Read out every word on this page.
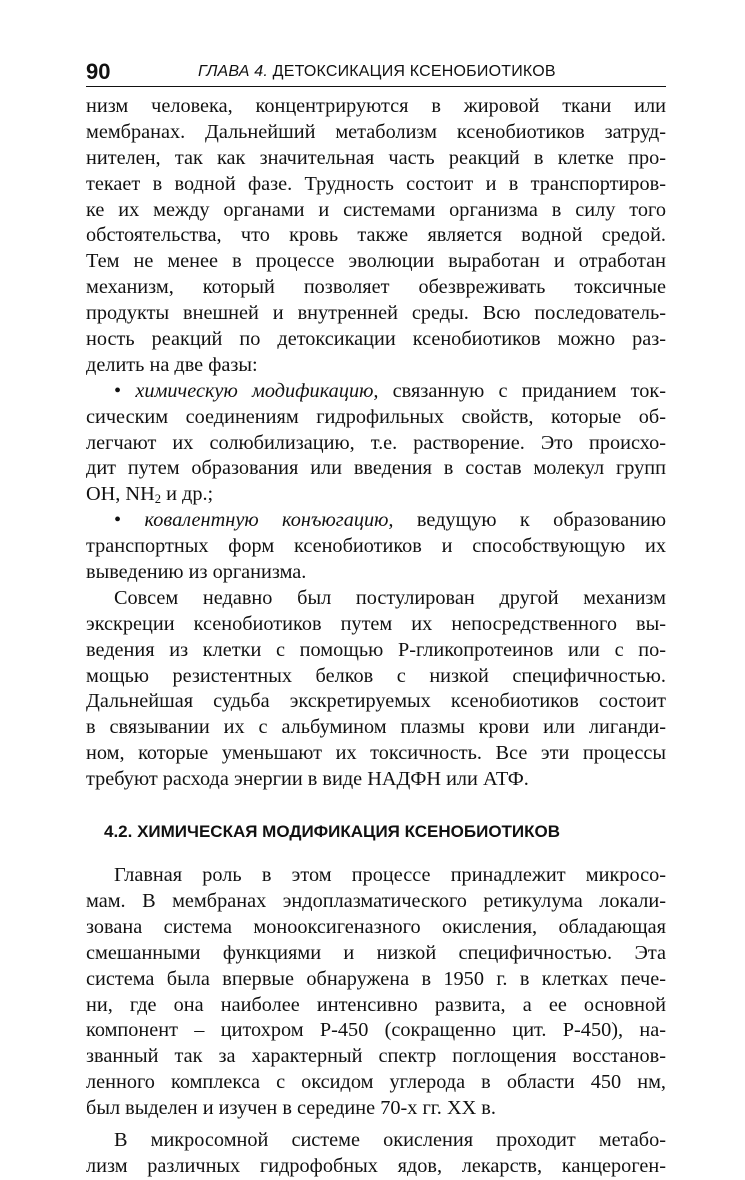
90	ГЛАВА 4. ДЕТОКСИКАЦИЯ КСЕНОБИОТИКОВ
низм человека, концентрируются в жировой ткани или
мембранах. Дальнейший метаболизм ксенобиотиков затруд-
нителен, так как значительная часть реакций в клетке про-
текает в водной фазе. Трудность состоит и в транспортиров-
ке их между органами и системами организма в силу того
обстоятельства, что кровь также является водной средой.
Тем не менее в процессе эволюции выработан и отработан
механизм, который позволяет обезвреживать токсичные
продукты внешней и внутренней среды. Всю последователь-
ность реакций по детоксикации ксенобиотиков можно раз-
делить на две фазы:
• химическую модификацию, связанную с приданием ток-
сическим соединениям гидрофильных свойств, которые об-
легчают их солюбилизацию, т.е. растворение. Это происхо-
дит путем образования или введения в состав молекул групп
OH, $NH_2$ и др.;
• ковалентную конъюгацию, ведущую к образованию
транспортных форм ксенобиотиков и способствующую их
выведению из организма.
Совсем недавно был постулирован другой механизм
экскреции ксенобиотиков путем их непосредственного вы-
ведения из клетки с помощью Р-гликопротеинов или с по-
мощью резистентных белков с низкой специфичностью.
Дальнейшая судьба экскретируемых ксенобиотиков состоит
в связывании их с альбумином плазмы крови или лиганди-
ном, которые уменьшают их токсичность. Все эти процессы
требуют расхода энергии в виде НАДФН или АТФ.
4.2. ХИМИЧЕСКАЯ МОДИФИКАЦИЯ КСЕНОБИОТИКОВ
Главная роль в этом процессе принадлежит микросо-
мам. В мембранах эндоплазматического ретикулума локали-
зована система монооксигеназного окисления, обладающая
смешанными функциями и низкой специфичностью. Эта
система была впервые обнаружена в 1950 г. в клетках пече-
ни, где она наиболее интенсивно развита, а ее основной
компонент – цитохром Р-450 (сокращенно цит. Р-450), на-
званный так за характерный спектр поглощения восстанов-
ленного комплекса с оксидом углерода в области 450 нм,
был выделен и изучен в середине 70-х гг. XX в.
В микросомной системе окисления проходит метабо-
лизм различных гидрофобных ядов, лекарств, канцероген-
